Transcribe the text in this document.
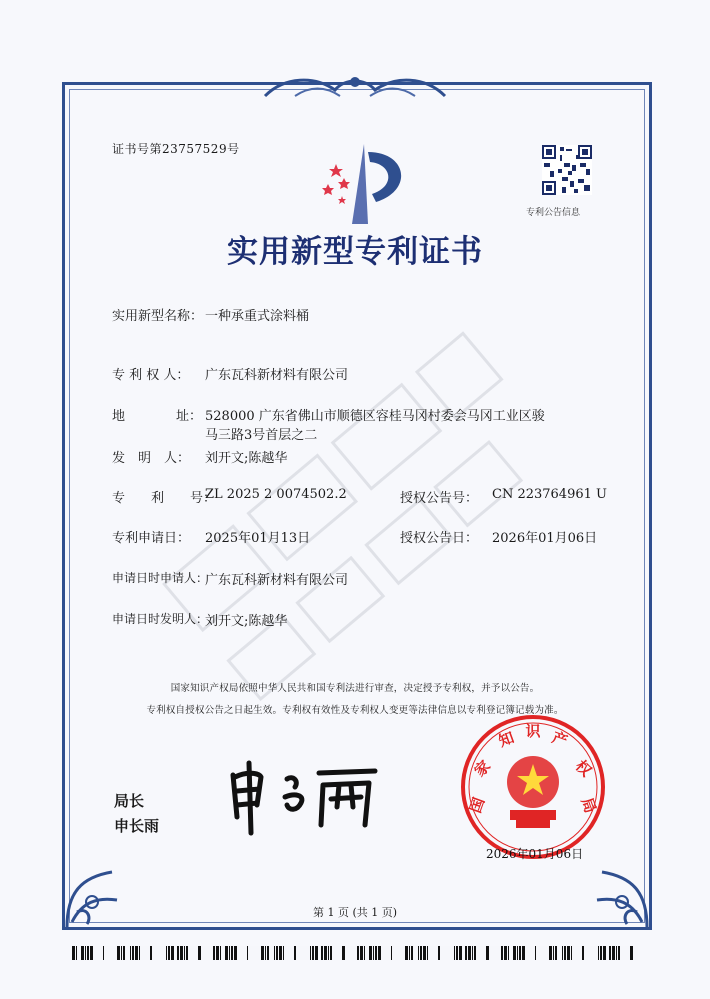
证书号第23757529号
专利公告信息
实用新型专利证书
实用新型名称： 一种承重式涂料桶
专 利 权 人： 广东瓦科新材料有限公司
地	址： 528000 广东省佛山市顺德区容桂马冈村委会马冈工业区骏
马三路3号首层之二
发　明　人： 刘开文;陈越华
专　　利　　号：
ZL 2025 2 0074502.2	授权公告号： CN 223764961 U
专利申请日： 2025年01月13日	授权公告日： 2026年01月06日
申请日时申请人：
广东瓦科新材料有限公司
申请日时发明人：
刘开文;陈越华
国家知识产权局依照中华人民共和国专利法进行审查，决定授予专利权，并予以公告。
专利权自授权公告之日起生效。专利权有效性及专利权人变更等法律信息以专利登记簿记载为准。
局长
申长雨
国
家
知 识 产
权
局
2026年01月06日
第 1 页 (共 1 页)
